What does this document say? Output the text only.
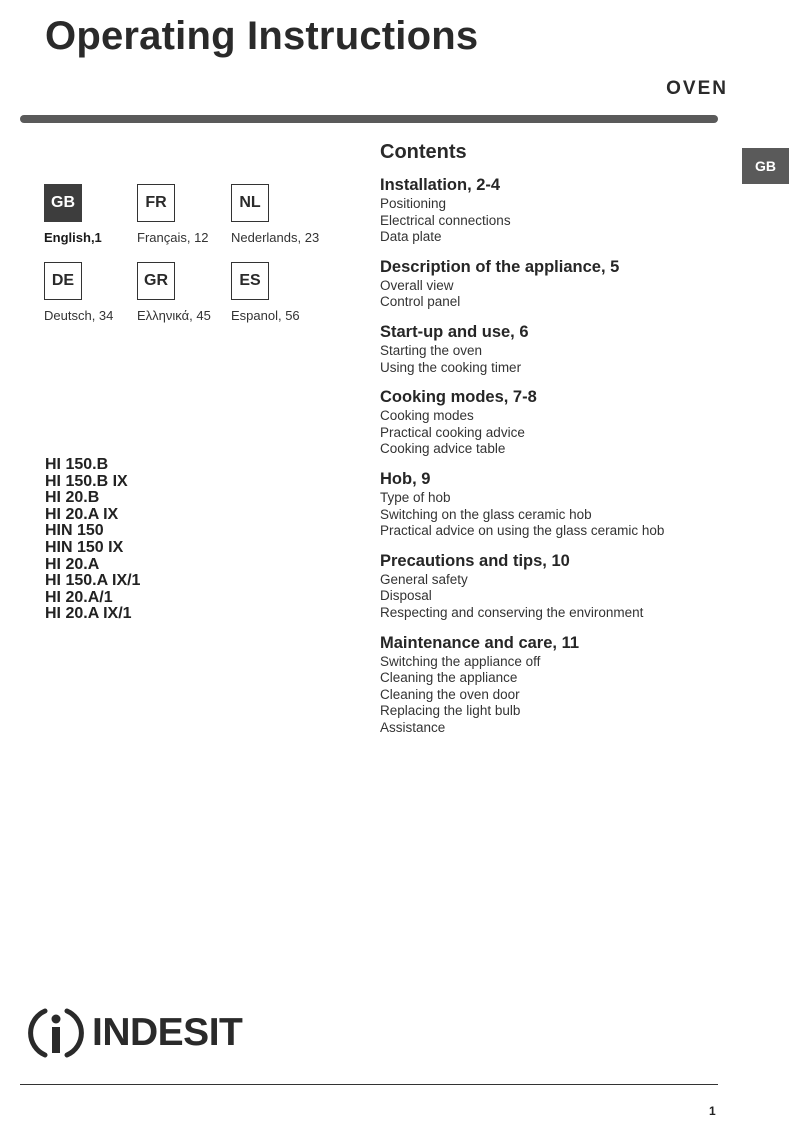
Operating Instructions
OVEN
GB
GB
English,1
FR
Français, 12
NL
Nederlands, 23
DE
Deutsch, 34
GR
Ελληνικά, 45
ES
Espanol, 56
HI 150.B
HI 150.B IX
HI 20.B
HI 20.A IX
HIN 150
HIN 150 IX
HI 20.A
HI 150.A IX/1
HI 20.A/1
HI 20.A IX/1
Contents
Installation, 2-4
Positioning
Electrical connections
Data plate
Description of the appliance, 5
Overall view
Control panel
Start-up and use, 6
Starting the oven
Using the cooking timer
Cooking modes, 7-8
Cooking modes
Practical cooking advice
Cooking advice table
Hob, 9
Type of hob
Switching on the glass ceramic hob
Practical advice on using the glass ceramic hob
Precautions and tips, 10
General safety
Disposal
Respecting and conserving the environment
Maintenance and care, 11
Switching the appliance off
Cleaning the appliance
Cleaning the oven door
Replacing the light bulb
Assistance
INDESIT
1
